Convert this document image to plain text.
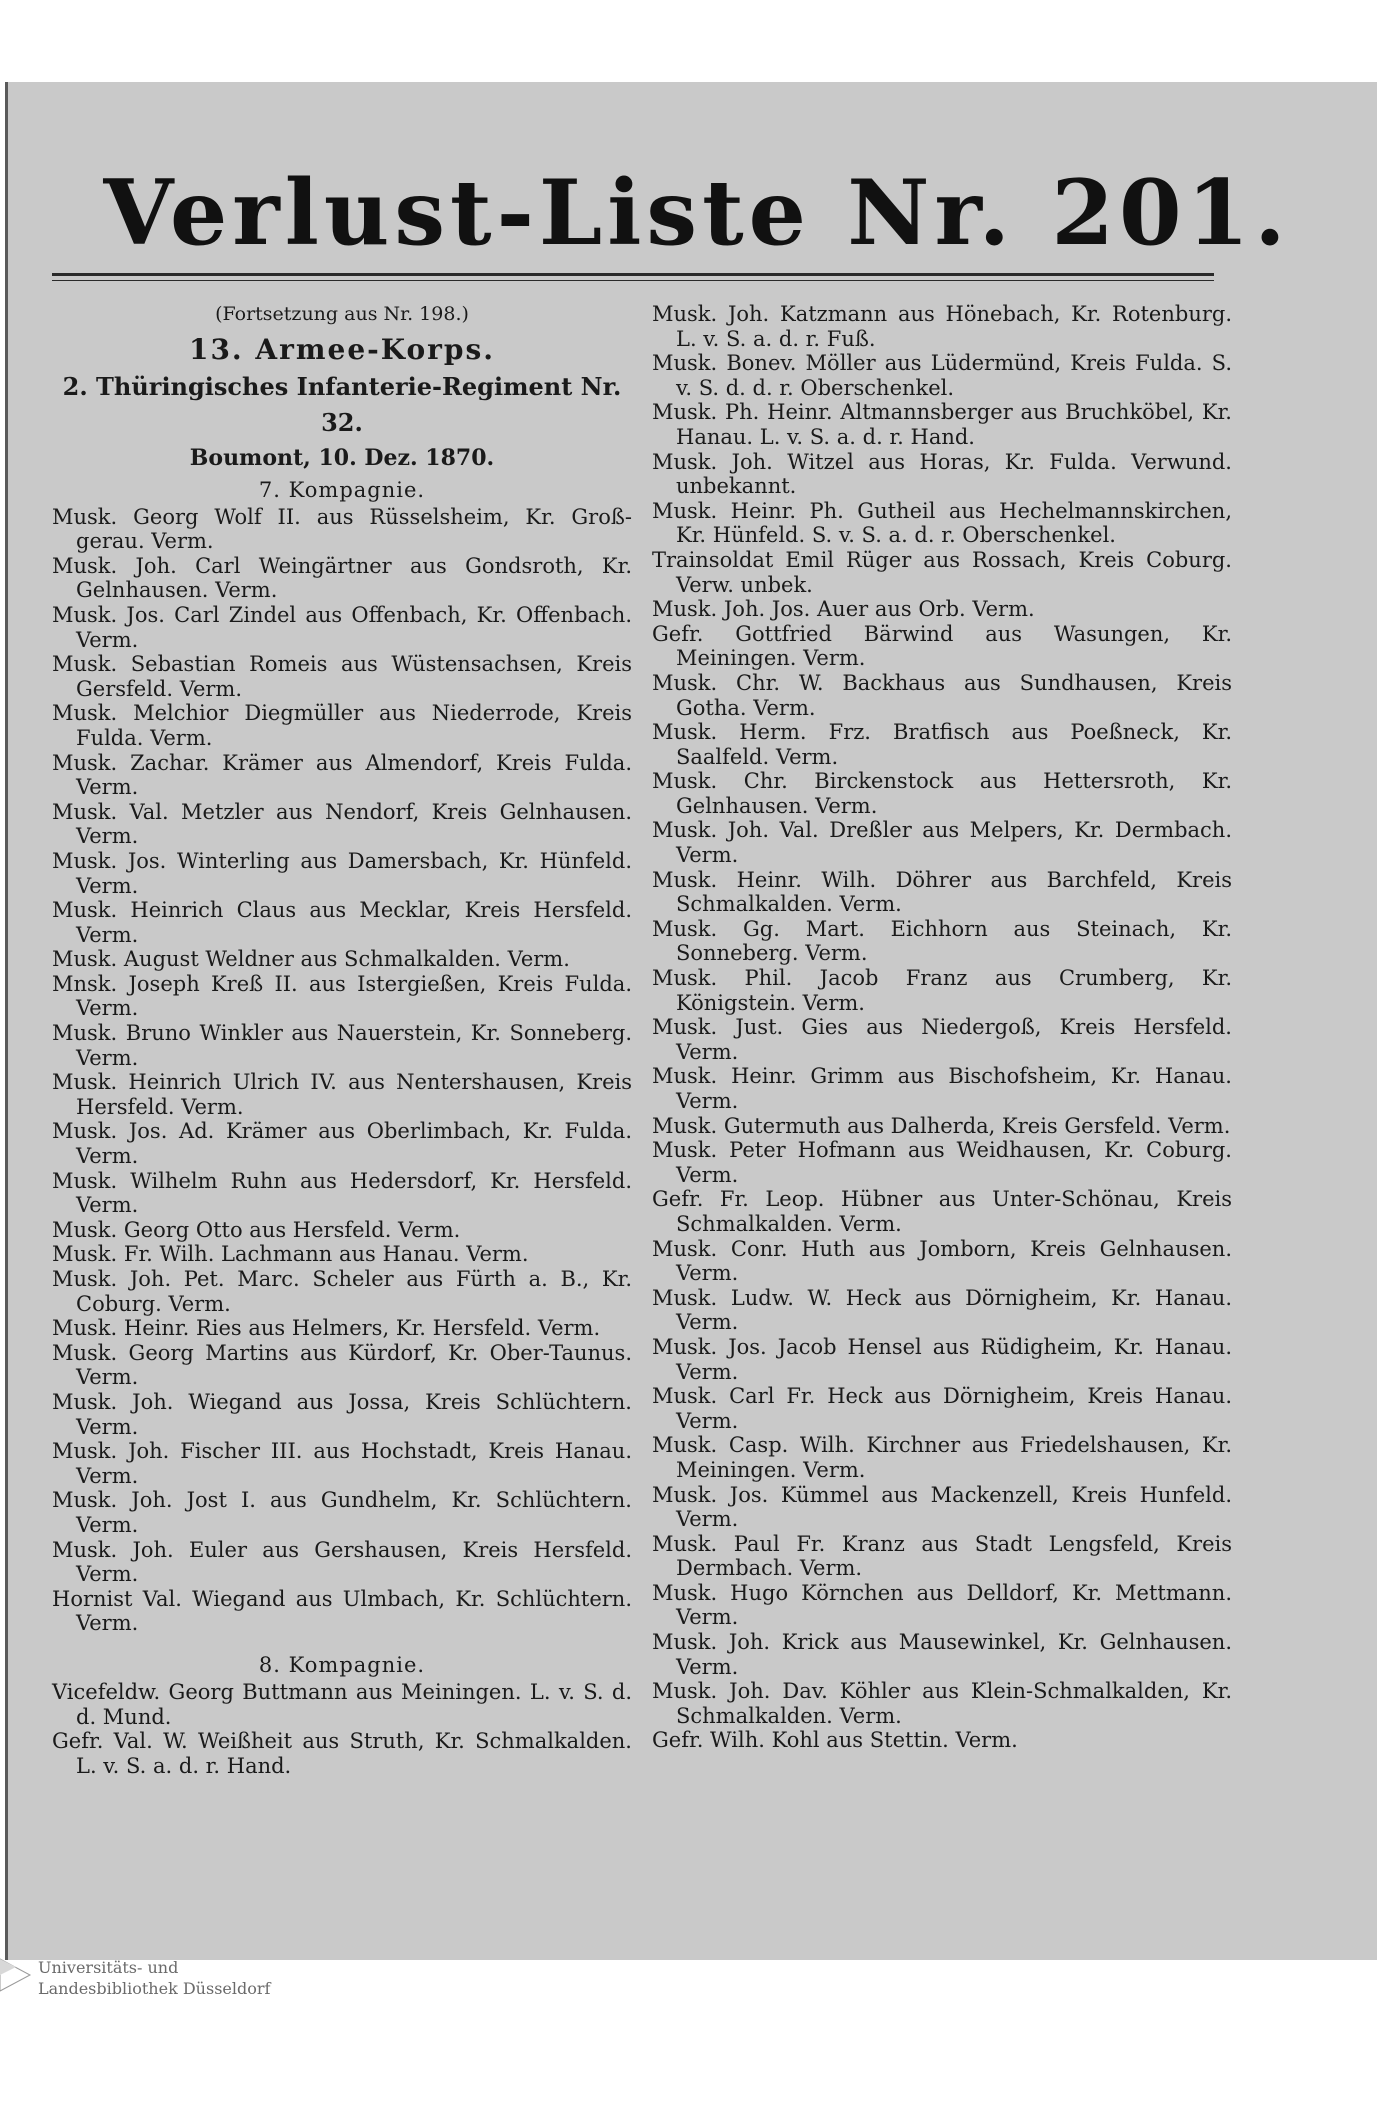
Verlust-Liste Nr. 201.
(Fortsetzung aus Nr. 198.)
13. Armee-Korps.
2. Thüringisches Infanterie-Regiment Nr. 32.
Boumont, 10. Dez. 1870.
7. Kompagnie.
Musk. Georg Wolf II. aus Rüsselsheim, Kr. Groß-gerau. Verm.
Musk. Joh. Carl Weingärtner aus Gondsroth, Kr. Gelnhausen. Verm.
Musk. Jos. Carl Zindel aus Offenbach, Kr. Offenbach. Verm.
Musk. Sebastian Romeis aus Wüstensachsen, Kreis Gersfeld. Verm.
Musk. Melchior Diegmüller aus Niederrode, Kreis Fulda. Verm.
Musk. Zachar. Krämer aus Almendorf, Kreis Fulda. Verm.
Musk. Val. Metzler aus Nendorf, Kreis Gelnhausen. Verm.
Musk. Jos. Winterling aus Damersbach, Kr. Hünfeld. Verm.
Musk. Heinrich Claus aus Mecklar, Kreis Hersfeld. Verm.
Musk. August Weldner aus Schmalkalden. Verm.
Mnsk. Joseph Kreß II. aus Istergießen, Kreis Fulda. Verm.
Musk. Bruno Winkler aus Nauerstein, Kr. Sonneberg. Verm.
Musk. Heinrich Ulrich IV. aus Nentershausen, Kreis Hersfeld. Verm.
Musk. Jos. Ad. Krämer aus Oberlimbach, Kr. Fulda. Verm.
Musk. Wilhelm Ruhn aus Hedersdorf, Kr. Hersfeld. Verm.
Musk. Georg Otto aus Hersfeld. Verm.
Musk. Fr. Wilh. Lachmann aus Hanau. Verm.
Musk. Joh. Pet. Marc. Scheler aus Fürth a. B., Kr. Coburg. Verm.
Musk. Heinr. Ries aus Helmers, Kr. Hersfeld. Verm.
Musk. Georg Martins aus Kürdorf, Kr. Ober-Taunus. Verm.
Musk. Joh. Wiegand aus Jossa, Kreis Schlüchtern. Verm.
Musk. Joh. Fischer III. aus Hochstadt, Kreis Hanau. Verm.
Musk. Joh. Jost I. aus Gundhelm, Kr. Schlüchtern. Verm.
Musk. Joh. Euler aus Gershausen, Kreis Hersfeld. Verm.
Hornist Val. Wiegand aus Ulmbach, Kr. Schlüchtern. Verm.
8. Kompagnie.
Vicefeldw. Georg Buttmann aus Meiningen. L. v. S. d. d. Mund.
Gefr. Val. W. Weißheit aus Struth, Kr. Schmalkalden. L. v. S. a. d. r. Hand.
Musk. Joh. Katzmann aus Hönebach, Kr. Rotenburg. L. v. S. a. d. r. Fuß.
Musk. Bonev. Möller aus Lüdermünd, Kreis Fulda. S. v. S. d. d. r. Oberschenkel.
Musk. Ph. Heinr. Altmannsberger aus Bruchköbel, Kr. Hanau. L. v. S. a. d. r. Hand.
Musk. Joh. Witzel aus Horas, Kr. Fulda. Verwund. unbekannt.
Musk. Heinr. Ph. Gutheil aus Hechelmannskirchen, Kr. Hünfeld. S. v. S. a. d. r. Oberschenkel.
Trainsoldat Emil Rüger aus Rossach, Kreis Coburg. Verw. unbek.
Musk. Joh. Jos. Auer aus Orb. Verm.
Gefr. Gottfried Bärwind aus Wasungen, Kr. Meiningen. Verm.
Musk. Chr. W. Backhaus aus Sundhausen, Kreis Gotha. Verm.
Musk. Herm. Frz. Bratfisch aus Poeßneck, Kr. Saalfeld. Verm.
Musk. Chr. Birckenstock aus Hettersroth, Kr. Gelnhausen. Verm.
Musk. Joh. Val. Dreßler aus Melpers, Kr. Dermbach. Verm.
Musk. Heinr. Wilh. Döhrer aus Barchfeld, Kreis Schmalkalden. Verm.
Musk. Gg. Mart. Eichhorn aus Steinach, Kr. Sonneberg. Verm.
Musk. Phil. Jacob Franz aus Crumberg, Kr. Königstein. Verm.
Musk. Just. Gies aus Niedergoß, Kreis Hersfeld. Verm.
Musk. Heinr. Grimm aus Bischofsheim, Kr. Hanau. Verm.
Musk. Gutermuth aus Dalherda, Kreis Gersfeld. Verm.
Musk. Peter Hofmann aus Weidhausen, Kr. Coburg. Verm.
Gefr. Fr. Leop. Hübner aus Unter-Schönau, Kreis Schmalkalden. Verm.
Musk. Conr. Huth aus Jomborn, Kreis Gelnhausen. Verm.
Musk. Ludw. W. Heck aus Dörnigheim, Kr. Hanau. Verm.
Musk. Jos. Jacob Hensel aus Rüdigheim, Kr. Hanau. Verm.
Musk. Carl Fr. Heck aus Dörnigheim, Kreis Hanau. Verm.
Musk. Casp. Wilh. Kirchner aus Friedelshausen, Kr. Meiningen. Verm.
Musk. Jos. Kümmel aus Mackenzell, Kreis Hunfeld. Verm.
Musk. Paul Fr. Kranz aus Stadt Lengsfeld, Kreis Dermbach. Verm.
Musk. Hugo Körnchen aus Delldorf, Kr. Mettmann. Verm.
Musk. Joh. Krick aus Mausewinkel, Kr. Gelnhausen. Verm.
Musk. Joh. Dav. Köhler aus Klein-Schmalkalden, Kr. Schmalkalden. Verm.
Gefr. Wilh. Kohl aus Stettin. Verm.
Universitäts- und
Landesbibliothek Düsseldorf
